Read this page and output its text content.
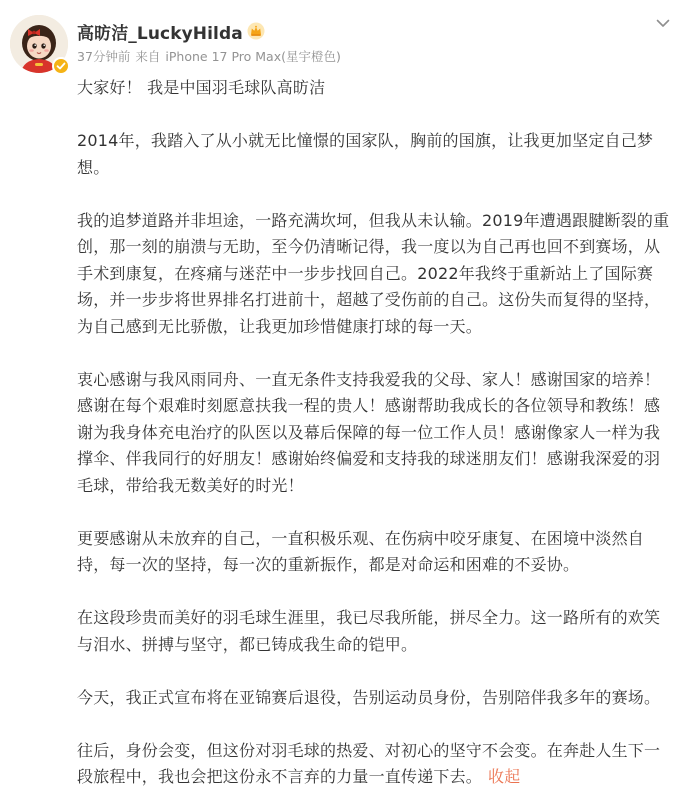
高昉洁_LuckyHilda
37分钟前 来自 iPhone 17 Pro Max(星宇橙色)

大家好！ 我是中国羽毛球队高昉洁

2014年，我踏入了从小就无比憧憬的国家队，胸前的国旗，让我更加坚定自己梦想。

我的追梦道路并非坦途，一路充满坎坷，但我从未认输。2019年遭遇跟腱断裂的重创，那一刻的崩溃与无助，至今仍清晰记得，我一度以为自己再也回不到赛场，从手术到康复，在疼痛与迷茫中一步步找回自己。2022年我终于重新站上了国际赛场，并一步步将世界排名打进前十，超越了受伤前的自己。这份失而复得的坚持，为自己感到无比骄傲，让我更加珍惜健康打球的每一天。

衷心感谢与我风雨同舟、一直无条件支持我爱我的父母、家人！感谢国家的培养！感谢在每个艰难时刻愿意扶我一程的贵人！感谢帮助我成长的各位领导和教练！感谢为我身体充电治疗的队医以及幕后保障的每一位工作人员！感谢像家人一样为我撑伞、伴我同行的好朋友！感谢始终偏爱和支持我的球迷朋友们！感谢我深爱的羽毛球，带给我无数美好的时光！

更要感谢从未放弃的自己，一直积极乐观、在伤病中咬牙康复、在困境中淡然自持，每一次的坚持，每一次的重新振作，都是对命运和困难的不妥协。

在这段珍贵而美好的羽毛球生涯里，我已尽我所能，拼尽全力。这一路所有的欢笑与泪水、拼搏与坚守，都已铸成我生命的铠甲。

今天，我正式宣布将在亚锦赛后退役，告别运动员身份，告别陪伴我多年的赛场。

往后，身份会变，但这份对羽毛球的热爱、对初心的坚守不会变。在奔赴人生下一段旅程中，我也会把这份永不言弃的力量一直传递下去。 收起
